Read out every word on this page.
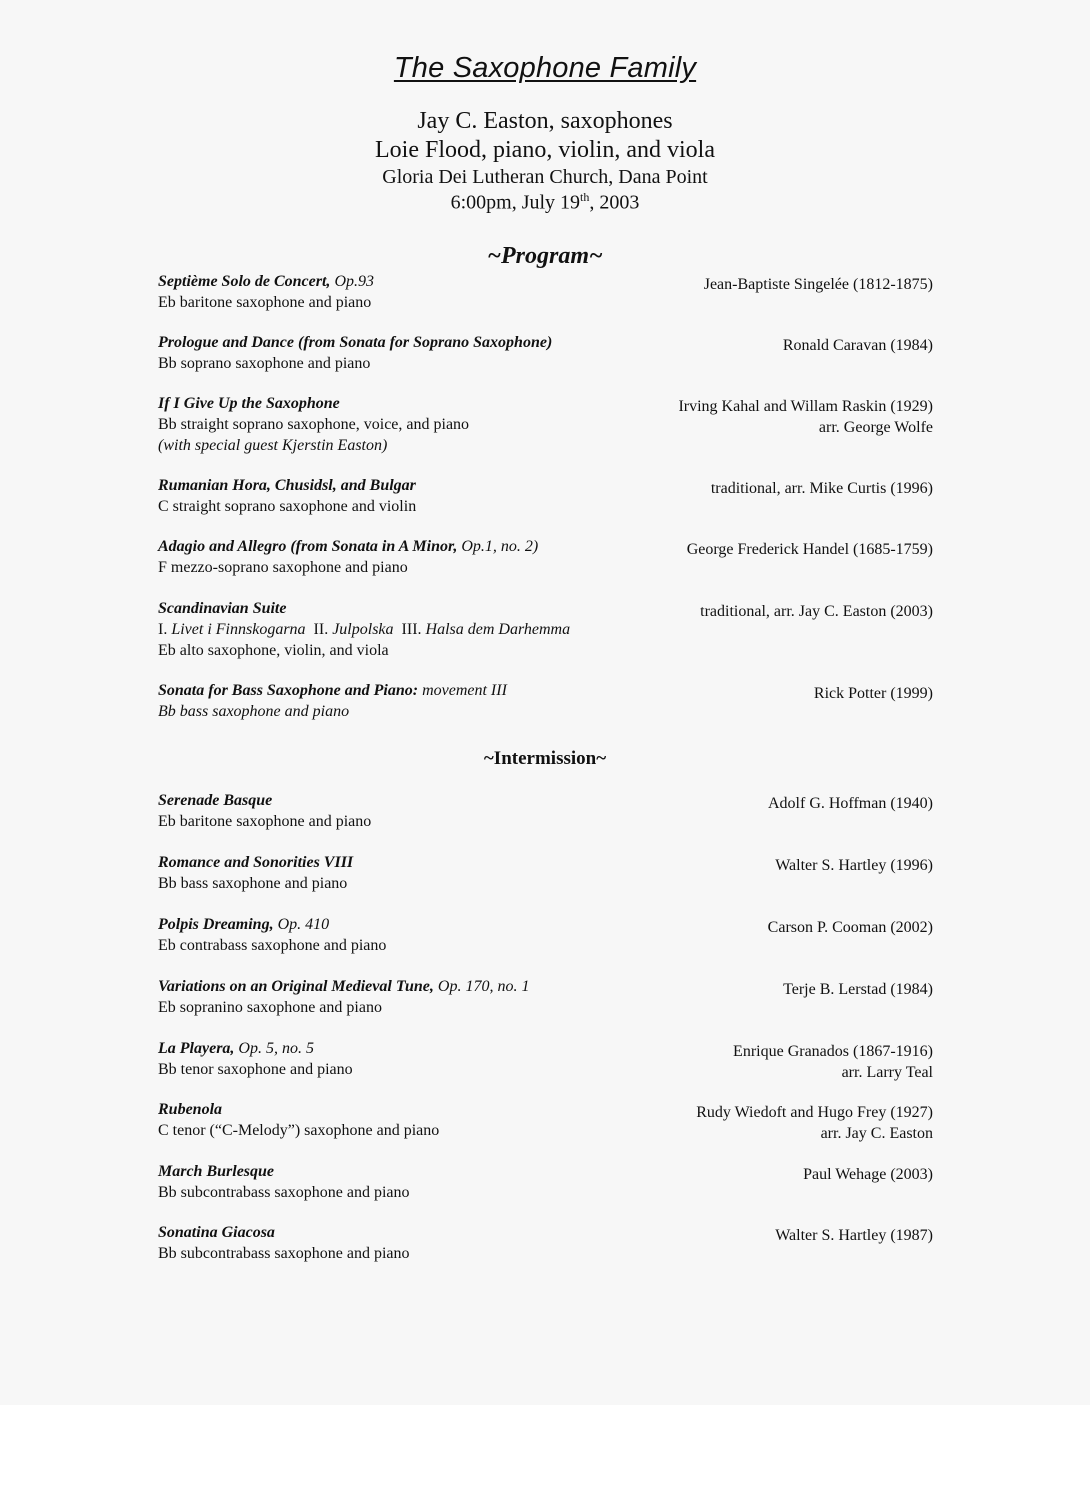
The Saxophone Family
Jay C. Easton, saxophones
Loie Flood, piano, violin, and viola
Gloria Dei Lutheran Church, Dana Point
6:00pm, July 19th, 2003
~Program~
Septième Solo de Concert, Op.93
Eb baritone saxophone and piano
Jean-Baptiste Singelée (1812-1875)
Prologue and Dance (from Sonata for Soprano Saxophone)
Bb soprano saxophone and piano
Ronald Caravan (1984)
If I Give Up the Saxophone
Bb straight soprano saxophone, voice, and piano
(with special guest Kjerstin Easton)
Irving Kahal and Willam Raskin (1929)
arr. George Wolfe
Rumanian Hora, Chusidsl, and Bulgar
C straight soprano saxophone and violin
traditional, arr. Mike Curtis (1996)
Adagio and Allegro (from Sonata in A Minor, Op.1, no. 2)
F mezzo-soprano saxophone and piano
George Frederick Handel (1685-1759)
Scandinavian Suite
I. Livet i Finnskogarna II. Julpolska III. Halsa dem Darhemma
Eb alto saxophone, violin, and viola
traditional, arr. Jay C. Easton (2003)
Sonata for Bass Saxophone and Piano: movement III
Bb bass saxophone and piano
Rick Potter (1999)
~Intermission~
Serenade Basque
Eb baritone saxophone and piano
Adolf G. Hoffman (1940)
Romance and Sonorities VIII
Bb bass saxophone and piano
Walter S. Hartley (1996)
Polpis Dreaming, Op. 410
Eb contrabass saxophone and piano
Carson P. Cooman (2002)
Variations on an Original Medieval Tune, Op. 170, no. 1
Eb sopranino saxophone and piano
Terje B. Lerstad (1984)
La Playera, Op. 5, no. 5
Bb tenor saxophone and piano
Enrique Granados (1867-1916)
arr. Larry Teal
Rubenola
C tenor (“C-Melody”) saxophone and piano
Rudy Wiedoft and Hugo Frey (1927)
arr. Jay C. Easton
March Burlesque
Bb subcontrabass saxophone and piano
Paul Wehage (2003)
Sonatina Giacosa
Bb subcontrabass saxophone and piano
Walter S. Hartley (1987)
